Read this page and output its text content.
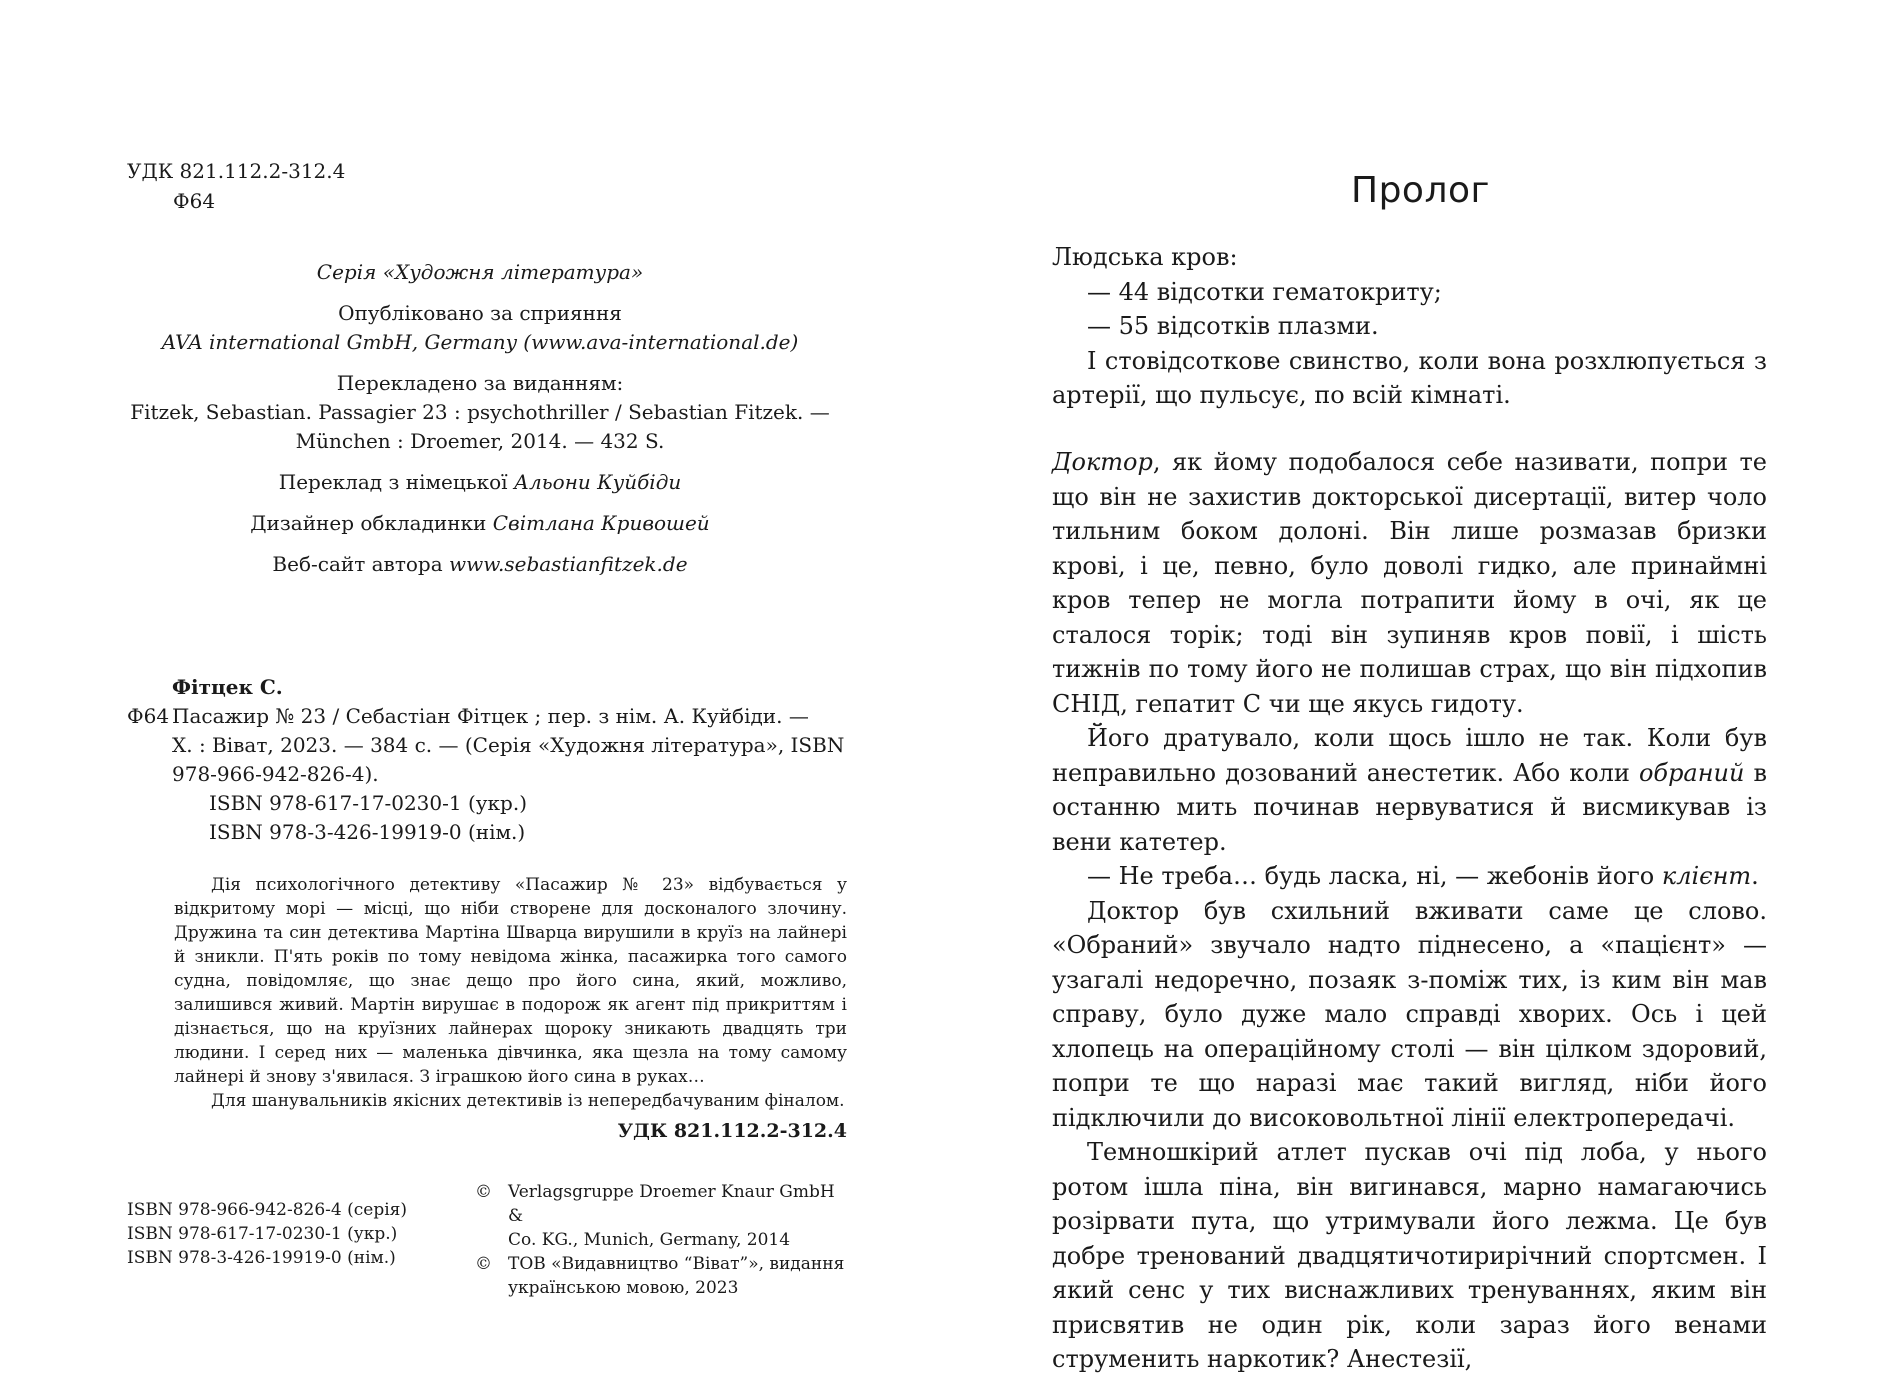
УДК 821.112.2-312.4
Ф64

Серія «Художня література»

Опубліковано за сприяння
AVA international GmbH, Germany (www.ava-international.de)

Перекладено за виданням:
Fitzek, Sebastian. Passagier 23 : psychothriller / Sebastian Fitzek. —
München : Droemer, 2014. — 432 S.

Переклад з німецької Альони Куйбіди

Дизайнер обкладинки Світлана Кривошей

Веб-сайт автора www.sebastianfitzek.de

Фітцек С.
Ф64 Пасажир № 23 / Себастіан Фітцек ; пер. з нім. А. Куйбіди. —
Х. : Віват, 2023. — 384 с. — (Серія «Художня література», ISBN
978-966-942-826-4).
ISBN 978-617-17-0230-1 (укр.)
ISBN 978-3-426-19919-0 (нім.)

Дія психологічного детективу «Пасажир № 23» відбувається у відкритому морі — місці, що ніби створене для досконалого злочину. Дружина та син детектива Мартіна Шварца вирушили в круїз на лайнері й зникли. П'ять років по тому невідома жінка, пасажирка того самого судна, повідомляє, що знає дещо про його сина, який, можливо, залишився живий. Мартін вирушає в подорож як агент під прикриттям і дізнається, що на круїзних лайнерах щороку зникають двадцять три людини. І серед них — маленька дівчинка, яка щезла на тому самому лайнері й знову з'явилася. З іграшкою його сина в руках…

Для шанувальників якісних детективів із непередбачуваним фіналом.

УДК 821.112.2-312.4

ISBN 978-966-942-826-4 (серія)
ISBN 978-617-17-0230-1 (укр.)
ISBN 978-3-426-19919-0 (нім.)
© Verlagsgruppe Droemer Knaur GmbH &
Co. KG., Munich, Germany, 2014
© ТОВ «Видавництво “Віват”», видання
українською мовою, 2023
Пролог

Людська кров:

— 44 відсотки гематокриту;

— 55 відсотків плазми.

І стовідсоткове свинство, коли вона розхлюпується з артерії, що пульсує, по всій кімнаті.

Доктор, як йому подобалося себе називати, попри те що він не захистив докторської дисертації, витер чоло тильним боком долоні. Він лише розмазав бризки крові, і це, певно, було доволі гидко, але принаймні кров тепер не могла потрапити йому в очі, як це сталося торік; тоді він зупиняв кров повії, і шість тижнів по тому його не полишав страх, що він підхопив СНІД, гепатит С чи ще якусь гидоту.

Його дратувало, коли щось ішло не так. Коли був неправильно дозований анестетик. Або коли обраний в останню мить починав нервуватися й висмикував із вени катетер.

— Не треба… будь ласка, ні, — жебонів його клієнт.

Доктор був схильний вживати саме це слово. «Обраний» звучало надто піднесено, а «пацієнт» — узагалі недоречно, позаяк з-поміж тих, із ким він мав справу, було дуже мало справді хворих. Ось і цей хлопець на операційному столі — він цілком здоровий, попри те що наразі має такий вигляд, ніби його підключили до високовольтної лінії електропередачі.

Темношкірий атлет пускав очі під лоба, у нього ротом ішла піна, він вигинався, марно намагаючись розірвати пута, що утримували його лежма. Це був добре тренований двадцятичотирирічний спортсмен. І який сенс у тих виснажливих тренуваннях, яким він присвятив не один рік, коли зараз його венами струменить наркотик? Анестезії,
